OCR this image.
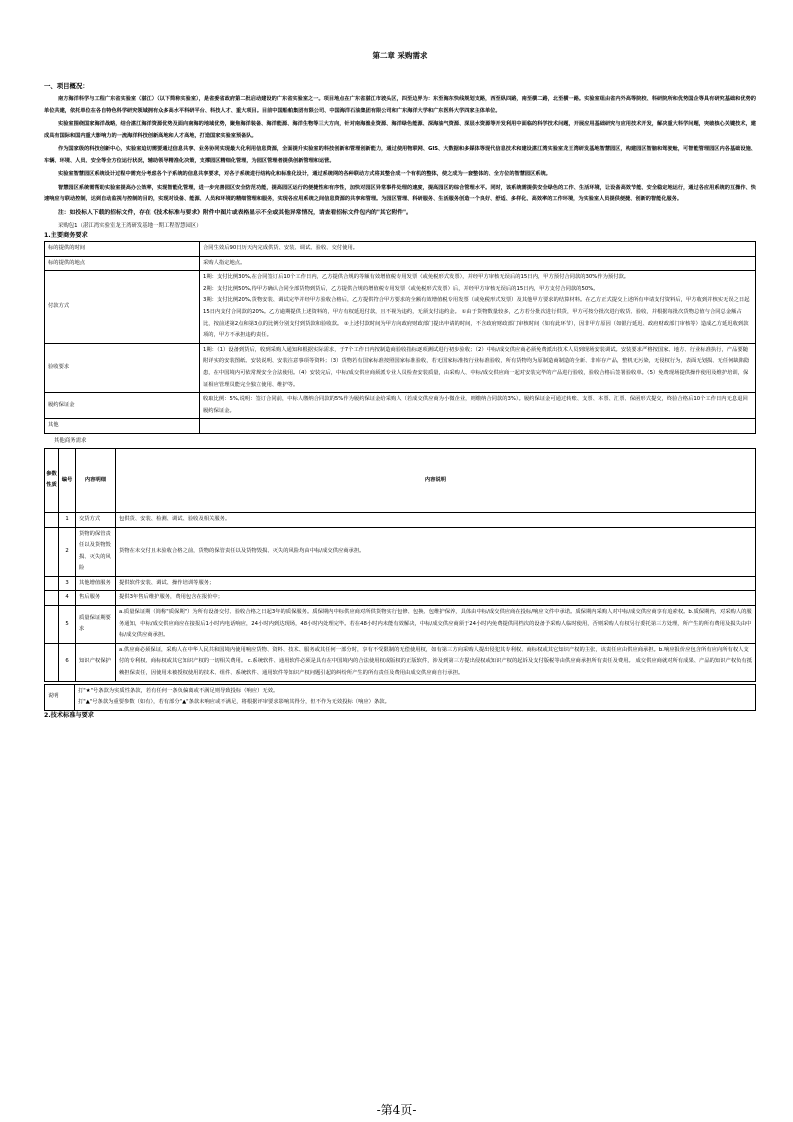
第二章 采购需求
一、项目概况：

南方海洋科学与工程广东省实验室（湛江）（以下简称实验室），是省委省政府第二批启动建设的广东省实验室之一。项目地点在广东省湛江市坡头区，四至边界为：东至海东快线规划支路，西至纵四路，南至横二路，北至横一路。实验室组由省内外高等院校、科研院所和优势国企等具有研究基础和优势的单位共建，依托单位在各自特色科学研究领域拥有众多高水平科研平台、科技人才、重大项目。目前中国船舶集团有限公司、中国海洋石油集团有限公司和广东海洋大学和广东医科大学四家主体单位。

实验室围绕国家海洋战略，结合湛江海洋资源优势及面向南海的地域优势，聚焦海洋装备、海洋能源、海洋生物等三大方向，针对南海渔业资源、海洋绿色能源、深海油气资源、深层水资源等开发利用中面临的科学技术问题，开展应用基础研究与应用技术开发，解决重大科学问题，突破核心关键技术，建成具有国际和国内重大影响力的一流海洋科技创新高地和人才高地，打造国家实验室预备队。

作为国家级的科技创新中心，实验室迫切需要通过信息共享、业务协同实现最大化利用信息资源，全面提升实验室的科技创新和管理创新能力，通过使用物联网、GIS、大数据和多媒体等现代信息技术和建设湛江湾实验室龙王湾研发基地智慧园区，构建园区智脑和驾驶舱，可智能管理园区内各基础设施、车辆、环境、人员、安全等全方位运行状况，辅助领导精准化决策，支撑园区精细化管理，为园区管理者提供创新管理和运营。

实验室智慧园区系统设计过程中需充分考虑各个子系统的信息共享要求，对各子系统进行结构化和标准化设计，通过系统网的各种联动方式将其整合成一个有机的整体，使之成为一套整体的、全方位的智慧园区系统。

智慧园区系统需帮助实验室提高办公效率，实现智能化管理，进一步完善园区安全防范功能，提高园区运行的便捷性和有序性，加快对园区异常事件处理的速度，提高园区的综合管理水平。同时，该系统需提供安全绿色的工作、生活环境，让设备高效节能、安全稳定地运行，通过各应用系统的互操作、快速响应与联动控制，达到自动监视与控制的目的，实现对设备、能源、人员和环境的精细管理和服务，实现各应用系统之间信息资源的共享和管理。为园区管理、科研服务、生活服务创造一个良好、舒适、多样化、高效率的工作环境，为实验室人员提供便捷、创新的智能化服务。

注：如投标人下载的招标文件，存在《技术标准与要求》附件中图片或表格显示不全或其他异常情况，请查看招标文件包内的"其它附件"。

采购包1（湛江湾实验室龙王湾研发基地一期工程智慧园区）
1.主要商务要求
标的提供的时间	合同生效后90日历天内完成供货、安装、调试、验收、交付使用。
标的提供的地点	采购人指定地点。
付款方式	1期：支付比例30%,在合同签订后10个工作日内，乙方提供合规的等额有效增值税专用发票（或免税形式发票），并经甲方审核无误后的15日内，甲方预付合同款的30%作为预付款。
2期：支付比例50%,待甲方确认合同全部货物到货后，乙方提供合规的增值税专用发票（或免税形式发票）后，并经甲方审核无误后的15日内，甲方支付合同款的50%。
3期：支付比例20%,货物安装、调试完毕并经甲方验收合格后，乙方提供符合甲方要求的全额有效增值税专用发票（或免税形式发票）及其他甲方要求的结算材料。在乙方正式提交上述所有申请支付资料后，甲方收到并核实无误之日起15日内支付合同款的20%。乙方逾期提供上述资料的，甲方有权延迟付款，且不视为违约，无须支付违约金。 ①由于货物数量较多，乙方若分批次进行供货，甲方可按分批次进行收货、验收，并根据每批次货物总值与合同总金额占比，按前述第2点和第3点的比例分别支付到货款和验收款。 ②上述付款时间为甲方向政府财政部门提出申请的时间，不含政府财政部门审核时间（如有此环节），因非甲方原因（如银行延迟、政府财政部门审核等）造成乙方延迟收到款项的，甲方不承担违约责任。

验收要求	1期：（1）设备到货后，收到采购人通知和根据实际需求，于7个工作日内按制造商验收指标逐项测试进行初步验收；（2）中标/成交供应商必须免费派出技术人员到现场安装调试。安装要求严格按国家、地方、行业标准执行，产品要随附详实的安装图纸、安装说明、安装注意事项等资料；（3）货物若有国家标准按照国家标准验收，若无国家标准按行业标准验收，所有货物均为原制造商制造的全新、非库存产品，整机无污染，无侵权行为，表面无划损、无任何缺陷隐患，在中国境内可依常规安全合法使用。（4）安装完后，中标/成交供应商须派专业人员检查安装质量，由采购人、中标/成交供应商一起对安装完毕的产品进行验收，验收合格后签署验收单。（5）免费现场提供操作使用及维护培训，保证相应管理员能完全独立使用、维护等。
履约保证金	收取比例：5%,说明：签订合同前，中标人缴纳合同款的5%作为履约保证金给采购人（若成交供应商为小微企业，则缴纳合同款的3%）。履约保证金可通过转账、支票、本票、汇票、保函形式提交，终验合格后10个工作日内无息退回履约保证金。
其他	
其他商务需求
参数性质	编号	内容明细	内容说明
	1	交货方式	包供货、安装、检测、调试、验收及相关服务。
	2	货物的保管责任以及货物毁损、灭失的风险	货物在未交付且未验收合格之前，货物的保管责任以及货物毁损、灭失的风险均由中标/成交供应商承担。
	3	其他增值服务	提供软件安装、调试、操作培训等服务；
	4	售后服务	提供3年售后维护服务，费用包含在报价中；
	5	质量保证期要求	a.质量保证期（简称"质保期"）为所有设备交付、验收合格之日起3年的质保服务。质保期内中标供应商对所供货物实行包修、包换、包维护保养，具体由中标/成交供应商在投标/响应文件中承诺。质保期内采购人对中标/成交供应商享有追索权。b.质保期内，对采购人的服务通知，中标/成交供应商应在接报后1小时内电话响应，24小时内到达现场，48小时内处理完毕。若在48小时内未能有效解决，中标/成交供应商须于24小时内免费提供同档次的设备予采购人临时使用，否则采购人有权另行委托第三方处理，所产生的所有费用及损失由中标/成交供应商承担。
	6	知识产权保护	a.供应商必须保证，采购人在中华人民共和国境内使用响应货物、资料、技术、服务或其任何一部分时，享有不受限制的无偿使用权，如有第三方向采购人提出侵犯其专利权、商标权或其它知识产权的主张，该责任应由供应商承担。b.响应报价应包含所有应向所有权人支付的专利权、商标权或其它知识产权的一切相关费用。 c.系统软件、通用软件必须是具有在中国境内的合法使用权或版权的正版软件，涉及到第三方提出侵权或知识产权的起诉及支付版税等由供应商承担所有责任及费用。 成交供应商就对所有成果、产品的知识产权负有抵赖担保责任，因使用未被授权使用的技术、组件、系统软件、通用软件等知识产权问题引起的纠纷所产生的所有责任及费用由成交供应商自行承担。
说明	
打"★"号条款为实质性条款，若有任何一条负偏离或不满足则导致投标（响应）无效。
打"▲"号条款为重要参数（如有），若有部分"▲"条款未响应或不满足，将根据评审要求影响其得分，但不作为无效投标（响应）条款。
2.技术标准与要求
-第4页-
